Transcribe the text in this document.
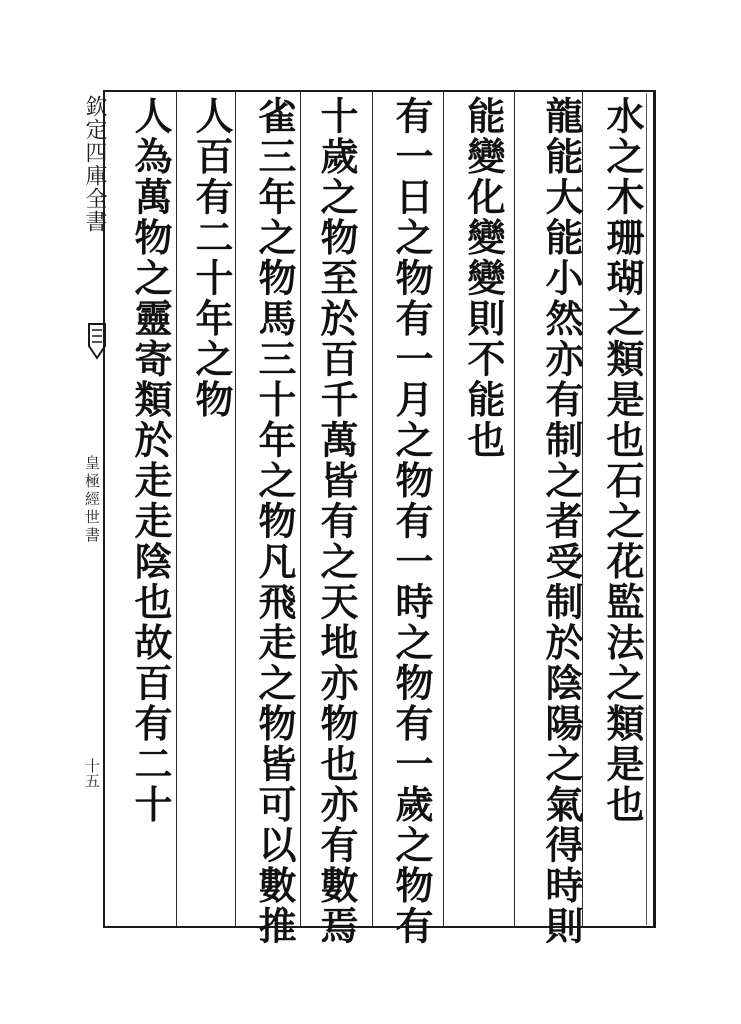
欽定四庫全書
皇極經世書
十五	水之木珊瑚之類是也石之花監法之類是也
龍能大能小然亦有制之者受制於陰陽之氣得時則
能變化變變則不能也
有一日之物有一月之物有一時之物有一歲之物有
十歲之物至於百千萬皆有之天地亦物也亦有數焉
雀三年之物馬三十年之物凡飛走之物皆可以數推
人百有二十年之物
人為萬物之靈寄類於走走陰也故百有二十
